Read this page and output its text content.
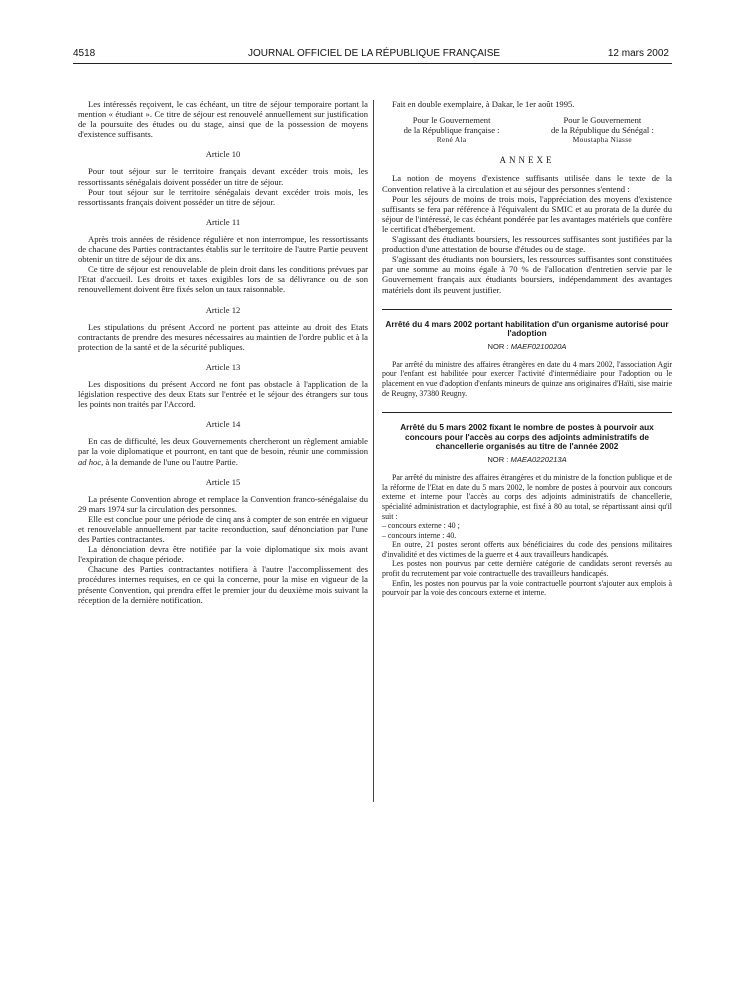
4518	JOURNAL OFFICIEL DE LA RÉPUBLIQUE FRANÇAISE	12 mars 2002

Les intéressés reçoivent, le cas échéant, un titre de séjour temporaire portant la mention « étudiant ». Ce titre de séjour est renouvelé annuellement sur justification de la poursuite des études ou du stage, ainsi que de la possession de moyens d'existence suffisants.

Article 10

Pour tout séjour sur le territoire français devant excéder trois mois, les ressortissants sénégalais doivent posséder un titre de séjour.

Pour tout séjour sur le territoire sénégalais devant excéder trois mois, les ressortissants français doivent posséder un titre de séjour.

Article 11

Après trois années de résidence régulière et non interrompue, les ressortissants de chacune des Parties contractantes établis sur le territoire de l'autre Partie peuvent obtenir un titre de séjour de dix ans.

Ce titre de séjour est renouvelable de plein droit dans les conditions prévues par l'Etat d'accueil. Les droits et taxes exigibles lors de sa délivrance ou de son renouvellement doivent être fixés selon un taux raisonnable.

Article 12

Les stipulations du présent Accord ne portent pas atteinte au droit des Etats contractants de prendre des mesures nécessaires au maintien de l'ordre public et à la protection de la santé et de la sécurité publiques.

Article 13

Les dispositions du présent Accord ne font pas obstacle à l'application de la législation respective des deux Etats sur l'entrée et le séjour des étrangers sur tous les points non traités par l'Accord.

Article 14

En cas de difficulté, les deux Gouvernements chercheront un règlement amiable par la voie diplomatique et pourront, en tant que de besoin, réunir une commission ad hoc, à la demande de l'une ou l'autre Partie.

Article 15

La présente Convention abroge et remplace la Convention franco-sénégalaise du 29 mars 1974 sur la circulation des personnes.

Elle est conclue pour une période de cinq ans à compter de son entrée en vigueur et renouvelable annuellement par tacite reconduction, sauf dénonciation par l'une des Parties contractantes.

La dénonciation devra être notifiée par la voie diplomatique six mois avant l'expiration de chaque période.

Chacune des Parties contractantes notifiera à l'autre l'accomplissement des procédures internes requises, en ce qui la concerne, pour la mise en vigueur de la présente Convention, qui prendra effet le premier jour du deuxième mois suivant la réception de la dernière notification.

Fait en double exemplaire, à Dakar, le 1er août 1995.

Pour le Gouvernement
de la République française :
René Ala
Pour le Gouvernement
de la République du Sénégal :
Moustapha Niasse
ANNEXE

La notion de moyens d'existence suffisants utilisée dans le texte de la Convention relative à la circulation et au séjour des personnes s'entend :

Pour les séjours de moins de trois mois, l'appréciation des moyens d'existence suffisants se fera par référence à l'équivalent du SMIC et au prorata de la durée du séjour de l'intéressé, le cas échéant pondérée par les avantages matériels que confère le certificat d'hébergement.

S'agissant des étudiants boursiers, les ressources suffisantes sont justifiées par la production d'une attestation de bourse d'études ou de stage.

S'agissant des étudiants non boursiers, les ressources suffisantes sont constituées par une somme au moins égale à 70 % de l'allocation d'entretien servie par le Gouvernement français aux étudiants boursiers, indépendamment des avantages matériels dont ils peuvent justifier.

Arrêté du 4 mars 2002 portant habilitation d'un organisme autorisé pour l'adoption

NOR : MAEF0210020A

Par arrêté du ministre des affaires étrangères en date du 4 mars 2002, l'association Agir pour l'enfant est habilitée pour exercer l'activité d'intermédiaire pour l'adoption ou le placement en vue d'adoption d'enfants mineurs de quinze ans originaires d'Haïti, sise mairie de Reugny, 37380 Reugny.

Arrêté du 5 mars 2002 fixant le nombre de postes à pourvoir aux concours pour l'accès au corps des adjoints administratifs de chancellerie organisés au titre de l'année 2002

NOR : MAEA0220213A

Par arrêté du ministre des affaires étrangères et du ministre de la fonction publique et de la réforme de l'Etat en date du 5 mars 2002, le nombre de postes à pourvoir aux concours externe et interne pour l'accès au corps des adjoints administratifs de chancellerie, spécialité administration et dactylographie, est fixé à 80 au total, se répartissant ainsi qu'il suit :

– concours externe : 40 ;

– concours interne : 40.

En outre, 21 postes seront offerts aux bénéficiaires du code des pensions militaires d'invalidité et des victimes de la guerre et 4 aux travailleurs handicapés.

Les postes non pourvus par cette dernière catégorie de candidats seront reversés au profit du recrutement par voie contractuelle des travailleurs handicapés.

Enfin, les postes non pourvus par la voie contractuelle pourront s'ajouter aux emplois à pourvoir par la voie des concours externe et interne.
